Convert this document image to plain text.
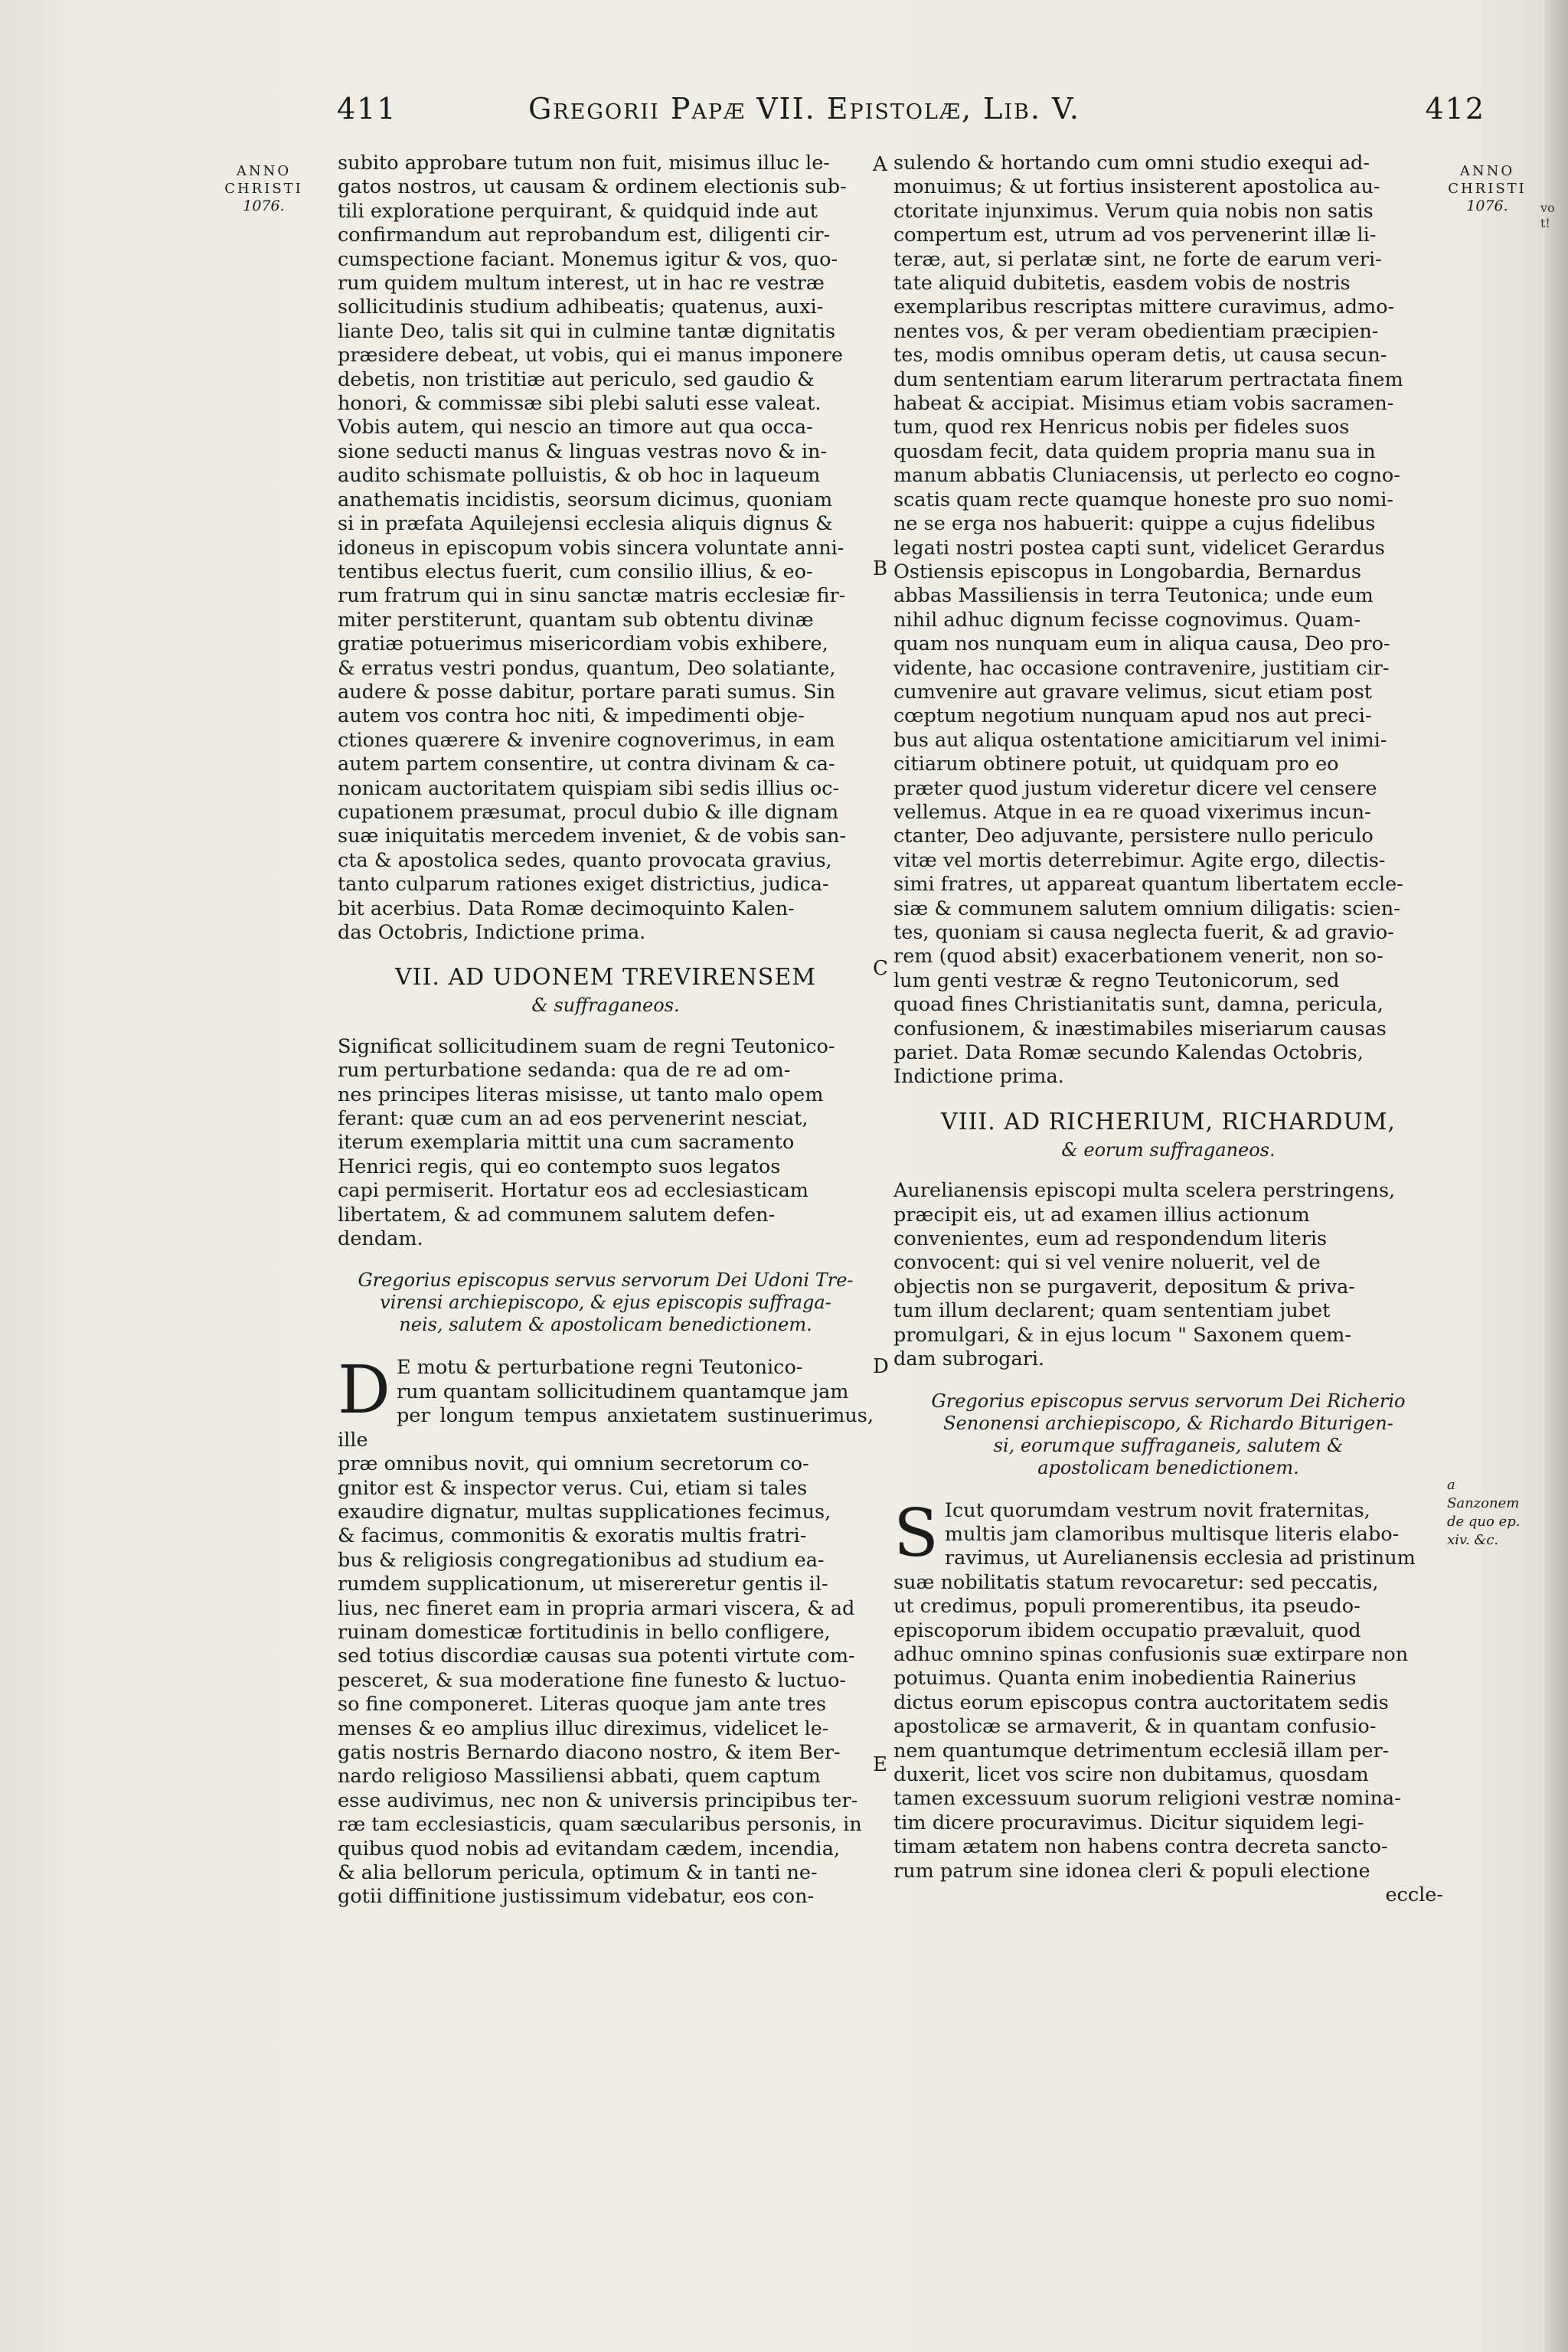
411	Gregorii Papæ VII. Epistolæ, Lib. V.	412
ANNO
CHRISTI
1076.
ANNO
CHRISTI
1076.	vo
t!
A
B
C
D
E
subito approbare tutum non fuit, misimus illuc le-
gatos nostros, ut causam & ordinem electionis sub-
tili exploratione perquirant, & quidquid inde aut
confirmandum aut reprobandum est, diligenti cir-
cumspectione faciant. Monemus igitur & vos, quo-
rum quidem multum interest, ut in hac re vestræ
sollicitudinis studium adhibeatis; quatenus, auxi-
liante Deo, talis sit qui in culmine tantæ dignitatis
præsidere debeat, ut vobis, qui ei manus imponere
debetis, non tristitiæ aut periculo, sed gaudio &
honori, & commissæ sibi plebi saluti esse valeat.
Vobis autem, qui nescio an timore aut qua occa-
sione seducti manus & linguas vestras novo & in-
audito schismate polluistis, & ob hoc in laqueum
anathematis incidistis, seorsum dicimus, quoniam
si in præfata Aquilejensi ecclesia aliquis dignus &
idoneus in episcopum vobis sincera voluntate anni-
tentibus electus fuerit, cum consilio illius, & eo-
rum fratrum qui in sinu sanctæ matris ecclesiæ fir-
miter perstiterunt, quantam sub obtentu divinæ
gratiæ potuerimus misericordiam vobis exhibere,
& erratus vestri pondus, quantum, Deo solatiante,
audere & posse dabitur, portare parati sumus. Sin
autem vos contra hoc niti, & impedimenti obje-
ctiones quærere & invenire cognoverimus, in eam
autem partem consentire, ut contra divinam & ca-
nonicam auctoritatem quispiam sibi sedis illius oc-
cupationem præsumat, procul dubio & ille dignam
suæ iniquitatis mercedem inveniet, & de vobis san-
cta & apostolica sedes, quanto provocata gravius,
tanto culparum rationes exiget districtius, judica-
bit acerbius. Data Romæ decimoquinto Kalen-
das Octobris, Indictione prima.
VII. AD UDONEM TREVIRENSEM
& suffraganeos.
Significat sollicitudinem suam de regni Teutonico-
rum perturbatione sedanda: qua de re ad om-
nes principes literas misisse, ut tanto malo opem
ferant: quæ cum an ad eos pervenerint nesciat,
iterum exemplaria mittit una cum sacramento
Henrici regis, qui eo contempto suos legatos
capi permiserit. Hortatur eos ad ecclesiasticam
libertatem, & ad communem salutem defen-
dendam.
Gregorius episcopus servus servorum Dei Udoni Tre-
virensi archiepiscopo, & ejus episcopis suffraga-
neis, salutem & apostolicam benedictionem.
D E motu & perturbatione regni Teutonico-
rum quantam sollicitudinem quantamque jam
per longum tempus anxietatem sustinuerimus, ille
præ omnibus novit, qui omnium secretorum co-
gnitor est & inspector verus. Cui, etiam si tales
exaudire dignatur, multas supplicationes fecimus,
& facimus, commonitis & exoratis multis fratri-
bus & religiosis congregationibus ad studium ea-
rumdem supplicationum, ut misereretur gentis il-
lius, nec fineret eam in propria armari viscera, & ad
ruinam domesticæ fortitudinis in bello confligere,
sed totius discordiæ causas sua potenti virtute com-
pesceret, & sua moderatione fine funesto & luctuo-
so fine componeret. Literas quoque jam ante tres
menses & eo amplius illuc direximus, videlicet le-
gatis nostris Bernardo diacono nostro, & item Ber-
nardo religioso Massiliensi abbati, quem captum
esse audivimus, nec non & universis principibus ter-
ræ tam ecclesiasticis, quam sæcularibus personis, in
quibus quod nobis ad evitandam cædem, incendia,
& alia bellorum pericula, optimum & in tanti ne-
gotii diffinitione justissimum videbatur, eos con-
sulendo & hortando cum omni studio exequi ad-
monuimus; & ut fortius insisterent apostolica au-
ctoritate injunximus. Verum quia nobis non satis
compertum est, utrum ad vos pervenerint illæ li-
teræ, aut, si perlatæ sint, ne forte de earum veri-
tate aliquid dubitetis, easdem vobis de nostris
exemplaribus rescriptas mittere curavimus, admo-
nentes vos, & per veram obedientiam præcipien-
tes, modis omnibus operam detis, ut causa secun-
dum sententiam earum literarum pertractata finem
habeat & accipiat. Misimus etiam vobis sacramen-
tum, quod rex Henricus nobis per fideles suos
quosdam fecit, data quidem propria manu sua in
manum abbatis Cluniacensis, ut perlecto eo cogno-
scatis quam recte quamque honeste pro suo nomi-
ne se erga nos habuerit: quippe a cujus fidelibus
legati nostri postea capti sunt, videlicet Gerardus
Ostiensis episcopus in Longobardia, Bernardus
abbas Massiliensis in terra Teutonica; unde eum
nihil adhuc dignum fecisse cognovimus. Quam-
quam nos nunquam eum in aliqua causa, Deo pro-
vidente, hac occasione contravenire, justitiam cir-
cumvenire aut gravare velimus, sicut etiam post
cœptum negotium nunquam apud nos aut preci-
bus aut aliqua ostentatione amicitiarum vel inimi-
citiarum obtinere potuit, ut quidquam pro eo
præter quod justum videretur dicere vel censere
vellemus. Atque in ea re quoad vixerimus incun-
ctanter, Deo adjuvante, persistere nullo periculo
vitæ vel mortis deterrebimur. Agite ergo, dilectis-
simi fratres, ut appareat quantum libertatem eccle-
siæ & communem salutem omnium diligatis: scien-
tes, quoniam si causa neglecta fuerit, & ad gravio-
rem (quod absit) exacerbationem venerit, non so-
lum genti vestræ & regno Teutonicorum, sed
quoad fines Christianitatis sunt, damna, pericula,
confusionem, & inæstimabiles miseriarum causas
pariet. Data Romæ secundo Kalendas Octobris,
Indictione prima.
VIII. AD RICHERIUM, RICHARDUM,
& eorum suffraganeos.
Aurelianensis episcopi multa scelera perstringens,
præcipit eis, ut ad examen illius actionum
convenientes, eum ad respondendum literis
convocent: qui si vel venire noluerit, vel de
objectis non se purgaverit, depositum & priva-
tum illum declarent; quam sententiam jubet
promulgari, & in ejus locum " Saxonem quem-
dam subrogari.
Gregorius episcopus servus servorum Dei Richerio
Senonensi archiepiscopo, & Richardo Biturigen-
si, eorumque suffraganeis, salutem &
apostolicam benedictionem.
S Icut quorumdam vestrum novit fraternitas,
multis jam clamoribus multisque literis elabo-
ravimus, ut Aurelianensis ecclesia ad pristinum
suæ nobilitatis statum revocaretur: sed peccatis,
ut credimus, populi promerentibus, ita pseudo-
episcoporum ibidem occupatio prævaluit, quod
adhuc omnino spinas confusionis suæ extirpare non
potuimus. Quanta enim inobedientia Rainerius
dictus eorum episcopus contra auctoritatem sedis
apostolicæ se armaverit, & in quantam confusio-
nem quantumque detrimentum ecclesiã illam per-
duxerit, licet vos scire non dubitamus, quosdam
tamen excessuum suorum religioni vestræ nomina-
tim dicere procuravimus. Dicitur siquidem legi-
timam ætatem non habens contra decreta sancto-
rum patrum sine idonea cleri & populi electione
eccle-
a Sanzonem
de quo ep.
xiv. &c.
